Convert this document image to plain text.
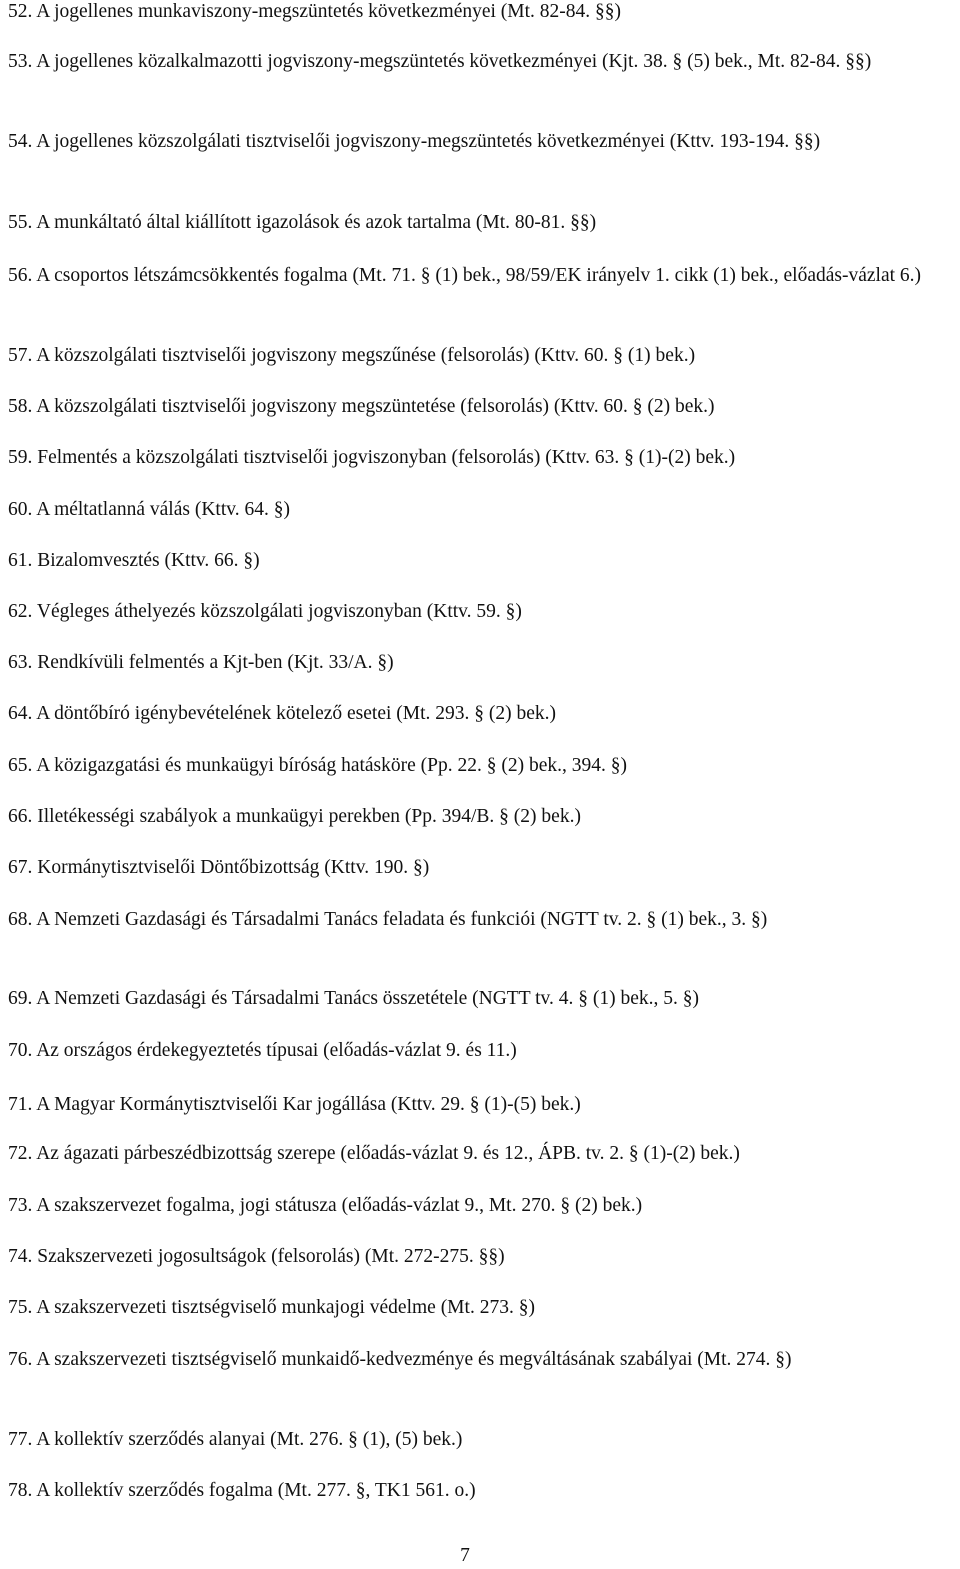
52. A jogellenes munkaviszony-megszüntetés következményei (Mt. 82-84. §§)
53. A jogellenes közalkalmazotti jogviszony-megszüntetés következményei (Kjt. 38. § (5) bek., Mt. 82-84. §§)
54. A jogellenes közszolgálati tisztviselői jogviszony-megszüntetés következményei (Kttv. 193-194. §§)
55. A munkáltató által kiállított igazolások és azok tartalma (Mt. 80-81. §§)
56. A csoportos létszámcsökkentés fogalma (Mt. 71. § (1) bek., 98/59/EK irányelv 1. cikk (1) bek., előadás-vázlat 6.)
57. A közszolgálati tisztviselői jogviszony megszűnése (felsorolás) (Kttv. 60. § (1) bek.)
58. A közszolgálati tisztviselői jogviszony megszüntetése (felsorolás) (Kttv. 60. § (2) bek.)
59. Felmentés a közszolgálati tisztviselői jogviszonyban (felsorolás) (Kttv. 63. § (1)-(2) bek.)
60. A méltatlanná válás (Kttv. 64. §)
61. Bizalomvesztés (Kttv. 66. §)
62. Végleges áthelyezés közszolgálati jogviszonyban (Kttv. 59. §)
63. Rendkívüli felmentés a Kjt-ben (Kjt. 33/A. §)
64. A döntőbíró igénybevételének kötelező esetei (Mt. 293. § (2) bek.)
65. A közigazgatási és munkaügyi bíróság hatásköre (Pp. 22. § (2) bek., 394. §)
66. Illetékességi szabályok a munkaügyi perekben (Pp. 394/B. § (2) bek.)
67. Kormánytisztviselői Döntőbizottság (Kttv. 190. §)
68. A Nemzeti Gazdasági és Társadalmi Tanács feladata és funkciói (NGTT tv. 2. § (1) bek., 3. §)
69. A Nemzeti Gazdasági és Társadalmi Tanács összetétele (NGTT tv. 4. § (1) bek., 5. §)
70. Az országos érdekegyeztetés típusai (előadás-vázlat 9. és 11.)
71. A Magyar Kormánytisztviselői Kar jogállása (Kttv. 29. § (1)-(5) bek.)
72. Az ágazati párbeszédbizottság szerepe (előadás-vázlat 9. és 12., ÁPB. tv. 2. § (1)-(2) bek.)
73. A szakszervezet fogalma, jogi státusza (előadás-vázlat 9., Mt. 270. § (2) bek.)
74. Szakszervezeti jogosultságok (felsorolás) (Mt. 272-275. §§)
75. A szakszervezeti tisztségviselő munkajogi védelme (Mt. 273. §)
76. A szakszervezeti tisztségviselő munkaidő-kedvezménye és megváltásának szabályai (Mt. 274. §)
77. A kollektív szerződés alanyai (Mt. 276. § (1), (5) bek.)
78. A kollektív szerződés fogalma (Mt. 277. §, TK1 561. o.)
7
